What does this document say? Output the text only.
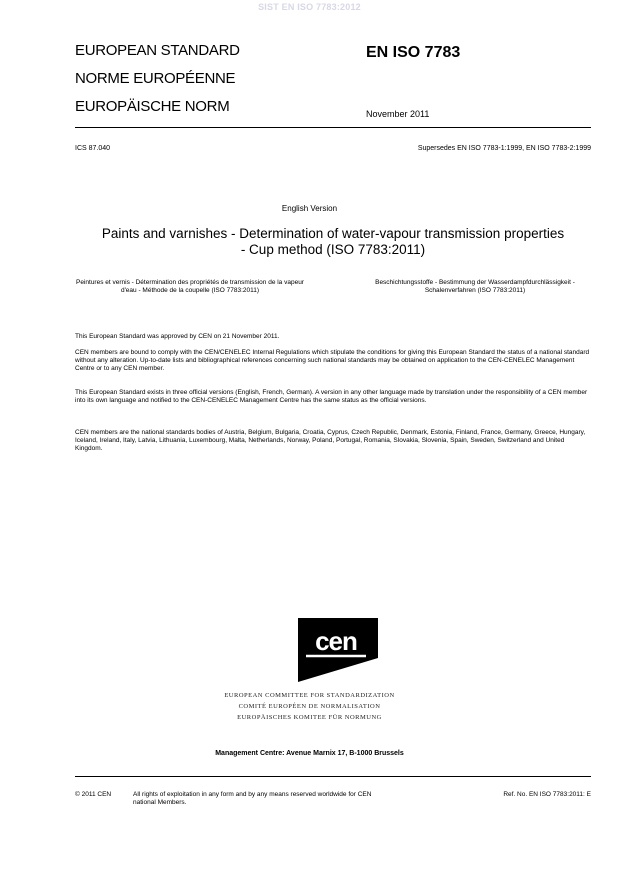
SIST EN ISO 7783:2012
EUROPEAN STANDARD
NORME EUROPÉENNE
EUROPÄISCHE NORM
EN ISO 7783
November 2011
ICS 87.040	Supersedes EN ISO 7783-1:1999, EN ISO 7783-2:1999
English Version
Paints and varnishes - Determination of water-vapour transmission properties - Cup method (ISO 7783:2011)
Peintures et vernis - Détermination des propriétés de transmission de la vapeur d'eau - Méthode de la coupelle (ISO 7783:2011)
Beschichtungsstoffe - Bestimmung der Wasserdampfdurchlässigkeit - Schalenverfahren (ISO 7783:2011)
This European Standard was approved by CEN on 21 November 2011.
CEN members are bound to comply with the CEN/CENELEC Internal Regulations which stipulate the conditions for giving this European Standard the status of a national standard without any alteration. Up-to-date lists and bibliographical references concerning such national standards may be obtained on application to the CEN-CENELEC Management Centre or to any CEN member.
This European Standard exists in three official versions (English, French, German). A version in any other language made by translation under the responsibility of a CEN member into its own language and notified to the CEN-CENELEC Management Centre has the same status as the official versions.
CEN members are the national standards bodies of Austria, Belgium, Bulgaria, Croatia, Cyprus, Czech Republic, Denmark, Estonia, Finland, France, Germany, Greece, Hungary, Iceland, Ireland, Italy, Latvia, Lithuania, Luxembourg, Malta, Netherlands, Norway, Poland, Portugal, Romania, Slovakia, Slovenia, Spain, Sweden, Switzerland and United Kingdom.
cen
EUROPEAN COMMITTEE FOR STANDARDIZATION
COMITÉ EUROPÉEN DE NORMALISATION
EUROPÄISCHES KOMITEE FÜR NORMUNG
Management Centre: Avenue Marnix 17, B-1000 Brussels
© 2011 CEN	All rights of exploitation in any form and by any means reserved worldwide for CEN national Members.
Ref. No. EN ISO 7783:2011: E
